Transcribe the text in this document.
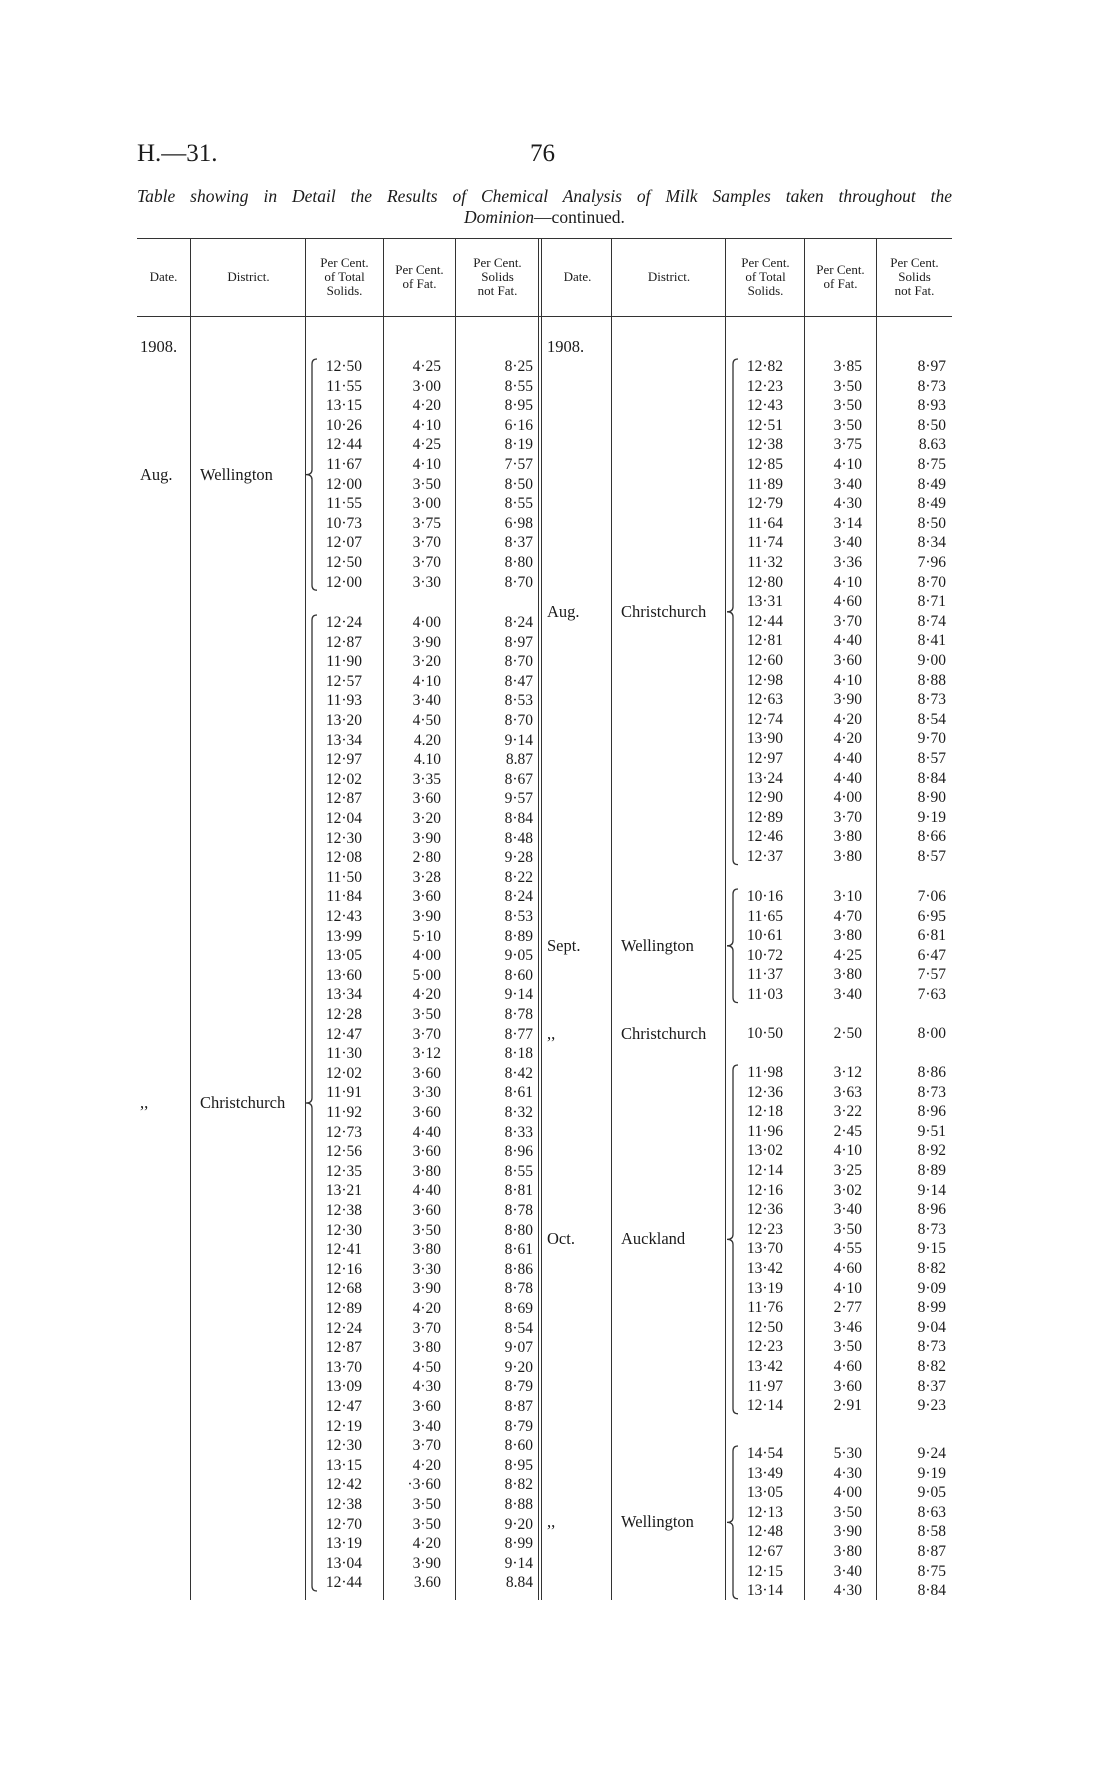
H.—31.	76
Table showing in Detail the Results of Chemical Analysis of Milk Samples taken throughout the
Dominion—continued.
Date.	District.
Per Cent.
of Total
Solids.
Per Cent.
of Fat.
Per Cent.
Solids
not Fat.
Date.	District.
Per Cent.
of Total
Solids.
Per Cent.
of Fat.
Per Cent.
Solids
not Fat.
1908.
Aug.	Wellington
12·50	4·25	8·25
11·55	3·00	8·55
13·15	4·20	8·95
10·26	4·10	6·16
12·44	4·25	8·19
11·67	4·10	7·57
12·00	3·50	8·50
11·55	3·00	8·55
10·73	3·75	6·98
12·07	3·70	8·37
12·50	3·70	8·80
12·00	3·30	8·70
,,	Christchurch
12·24	4·00	8·24
12·87	3·90	8·97
11·90	3·20	8·70
12·57	4·10	8·47
11·93	3·40	8·53
13·20	4·50	8·70
13·34	4.20	9·14
12·97	4.10	8.87
12·02	3·35	8·67
12·87	3·60	9·57
12·04	3·20	8·84
12·30	3·90	8·48
12·08	2·80	9·28
11·50	3·28	8·22
11·84	3·60	8·24
12·43	3·90	8·53
13·99	5·10	8·89
13·05	4·00	9·05
13·60	5·00	8·60
13·34	4·20	9·14
12·28	3·50	8·78
12·47	3·70	8·77
11·30	3·12	8·18
12·02	3·60	8·42
11·91	3·30	8·61
11·92	3·60	8·32
12·73	4·40	8·33
12·56	3·60	8·96
12·35	3·80	8·55
13·21	4·40	8·81
12·38	3·60	8·78
12·30	3·50	8·80
12·41	3·80	8·61
12·16	3·30	8·86
12·68	3·90	8·78
12·89	4·20	8·69
12·24	3·70	8·54
12·87	3·80	9·07
13·70	4·50	9·20
13·09	4·30	8·79
12·47	3·60	8·87
12·19	3·40	8·79
12·30	3·70	8·60
13·15	4·20	8·95
12·42	·3·60	8·82
12·38	3·50	8·88
12·70	3·50	9·20
13·19	4·20	8·99
13·04	3·90	9·14
12·44	3.60	8.84
1908.
Aug.	Christchurch
12·82	3·85	8·97
12·23	3·50	8·73
12·43	3·50	8·93
12·51	3·50	8·50
12·38	3·75	8.63
12·85	4·10	8·75
11·89	3·40	8·49
12·79	4·30	8·49
11·64	3·14	8·50
11·74	3·40	8·34
11·32	3·36	7·96
12·80	4·10	8·70
13·31	4·60	8·71
12·44	3·70	8·74
12·81	4·40	8·41
12·60	3·60	9·00
12·98	4·10	8·88
12·63	3·90	8·73
12·74	4·20	8·54
13·90	4·20	9·70
12·97	4·40	8·57
13·24	4·40	8·84
12·90	4·00	8·90
12·89	3·70	9·19
12·46	3·80	8·66
12·37	3·80	8·57
Sept.	Wellington
10·16	3·10	7·06
11·65	4·70	6·95
10·61	3·80	6·81
10·72	4·25	6·47
11·37	3·80	7·57
11·03	3·40	7·63
,,	Christchurch	10·50	2·50	8·00
Oct.	Auckland
11·98	3·12	8·86
12·36	3·63	8·73
12·18	3·22	8·96
11·96	2·45	9·51
13·02	4·10	8·92
12·14	3·25	8·89
12·16	3·02	9·14
12·36	3·40	8·96
12·23	3·50	8·73
13·70	4·55	9·15
13·42	4·60	8·82
13·19	4·10	9·09
11·76	2·77	8·99
12·50	3·46	9·04
12·23	3·50	8·73
13·42	4·60	8·82
11·97	3·60	8·37
12·14	2·91	9·23
,,	Wellington
14·54	5·30	9·24
13·49	4·30	9·19
13·05	4·00	9·05
12·13	3·50	8·63
12·48	3·90	8·58
12·67	3·80	8·87
12·15	3·40	8·75
13·14	4·30	8·84
